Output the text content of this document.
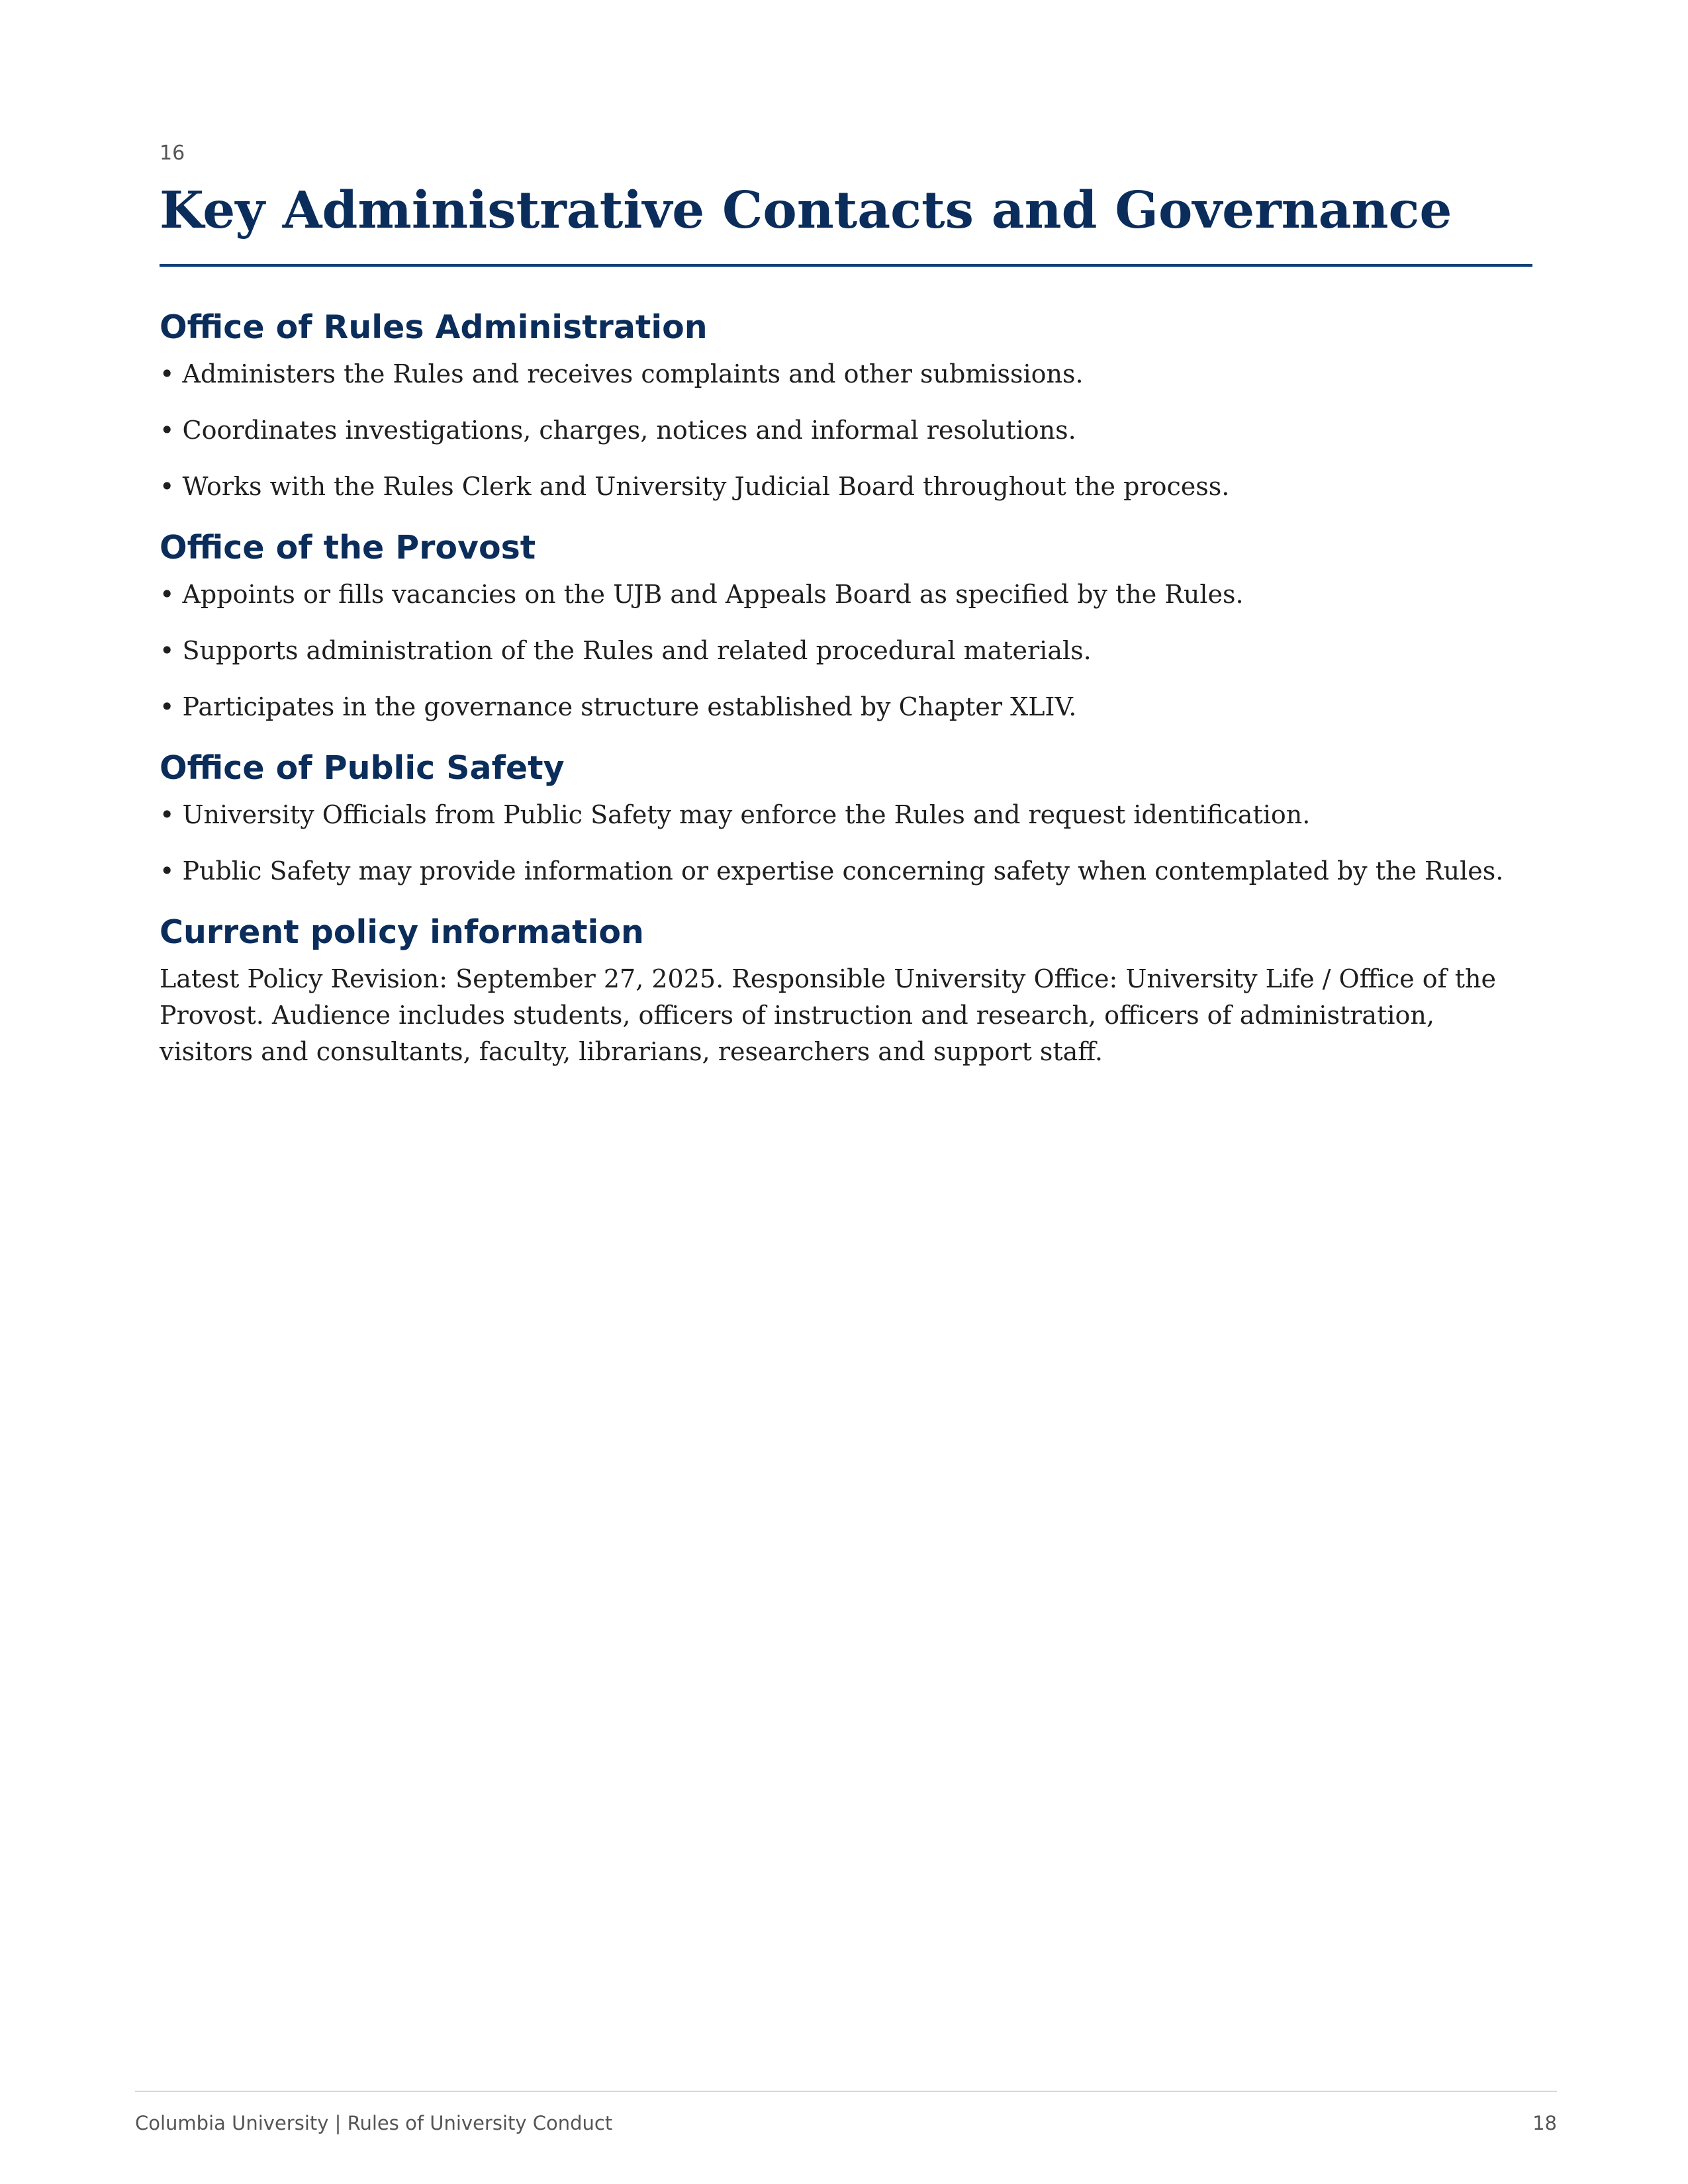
16
Key Administrative Contacts and Governance
Office of Rules Administration
• Administers the Rules and receives complaints and other submissions.
• Coordinates investigations, charges, notices and informal resolutions.
• Works with the Rules Clerk and University Judicial Board throughout the process.
Office of the Provost
• Appoints or fills vacancies on the UJB and Appeals Board as specified by the Rules.
• Supports administration of the Rules and related procedural materials.
• Participates in the governance structure established by Chapter XLIV.
Office of Public Safety
• University Officials from Public Safety may enforce the Rules and request identification.
• Public Safety may provide information or expertise concerning safety when contemplated by the Rules.
Current policy information

Latest Policy Revision: September 27, 2025. Responsible University Office: University Life / Office of the Provost. Audience includes students, officers of instruction and research, officers of administration, visitors and consultants, faculty, librarians, researchers and support staff.

Columbia University | Rules of University Conduct	18
